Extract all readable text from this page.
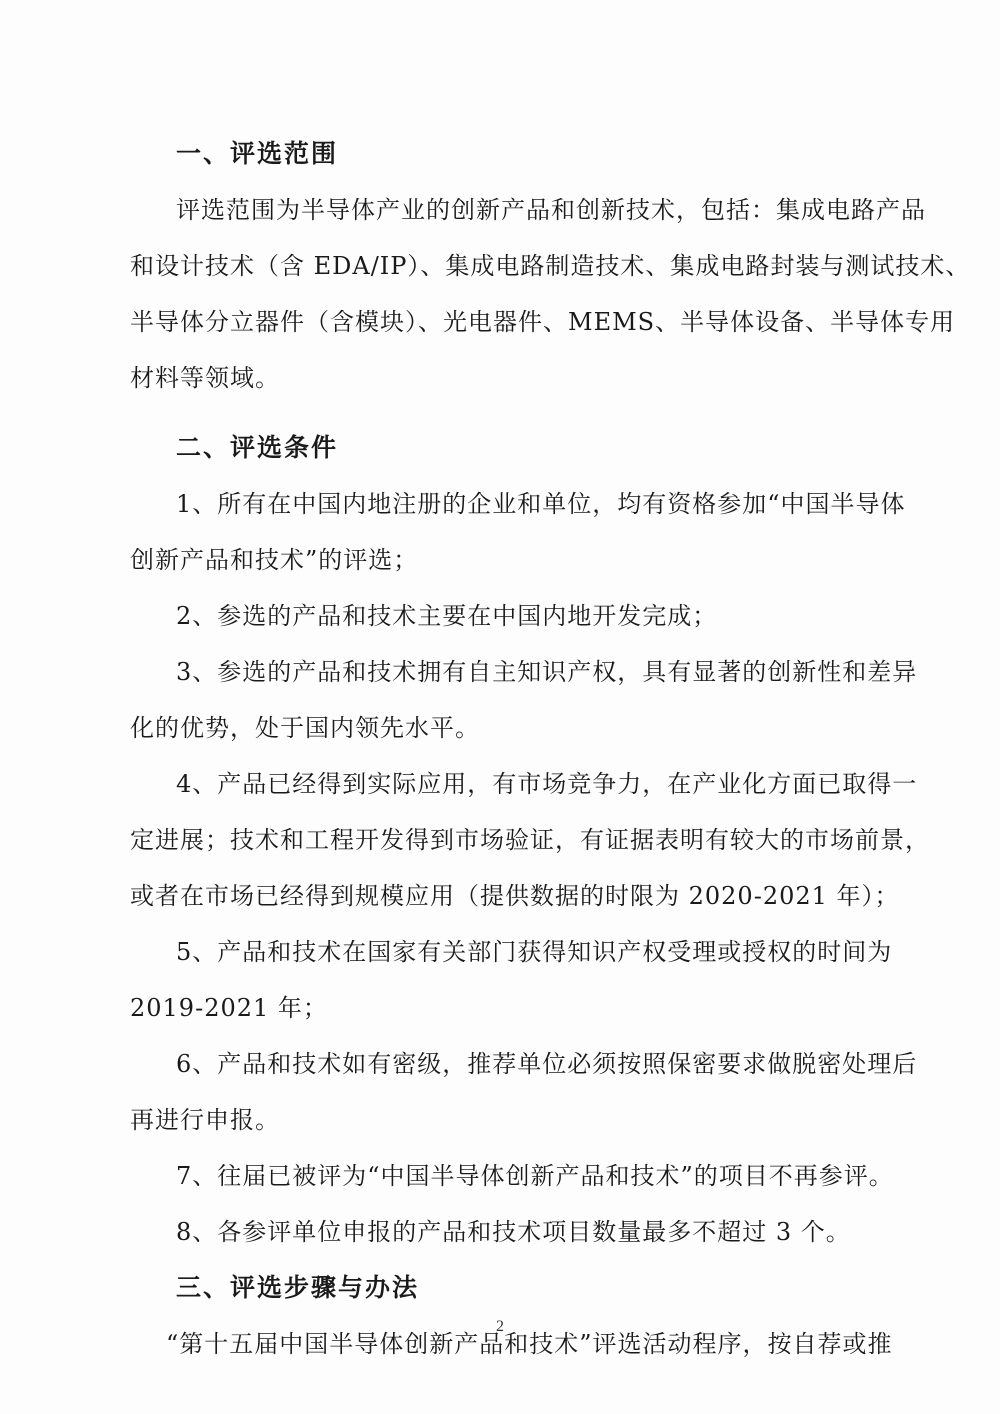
一、评选范围
评选范围为半导体产业的创新产品和创新技术，包括：集成电路产品
和设计技术（含 EDA/IP）、集成电路制造技术、集成电路封装与测试技术、
半导体分立器件（含模块）、光电器件、MEMS、半导体设备、半导体专用
材料等领域。
二、评选条件
1、所有在中国内地注册的企业和单位，均有资格参加“中国半导体
创新产品和技术”的评选；
2、参选的产品和技术主要在中国内地开发完成；
3、参选的产品和技术拥有自主知识产权，具有显著的创新性和差异
化的优势，处于国内领先水平。
4、产品已经得到实际应用，有市场竞争力，在产业化方面已取得一
定进展；技术和工程开发得到市场验证，有证据表明有较大的市场前景，
或者在市场已经得到规模应用（提供数据的时限为 2020-2021 年）；
5、产品和技术在国家有关部门获得知识产权受理或授权的时间为
2019-2021 年；
6、产品和技术如有密级，推荐单位必须按照保密要求做脱密处理后
再进行申报。
7、往届已被评为“中国半导体创新产品和技术”的项目不再参评。
8、各参评单位申报的产品和技术项目数量最多不超过 3 个。
三、评选步骤与办法
“第十五届中国半导体创新产品和技术”评选活动程序，按自荐或推
2
